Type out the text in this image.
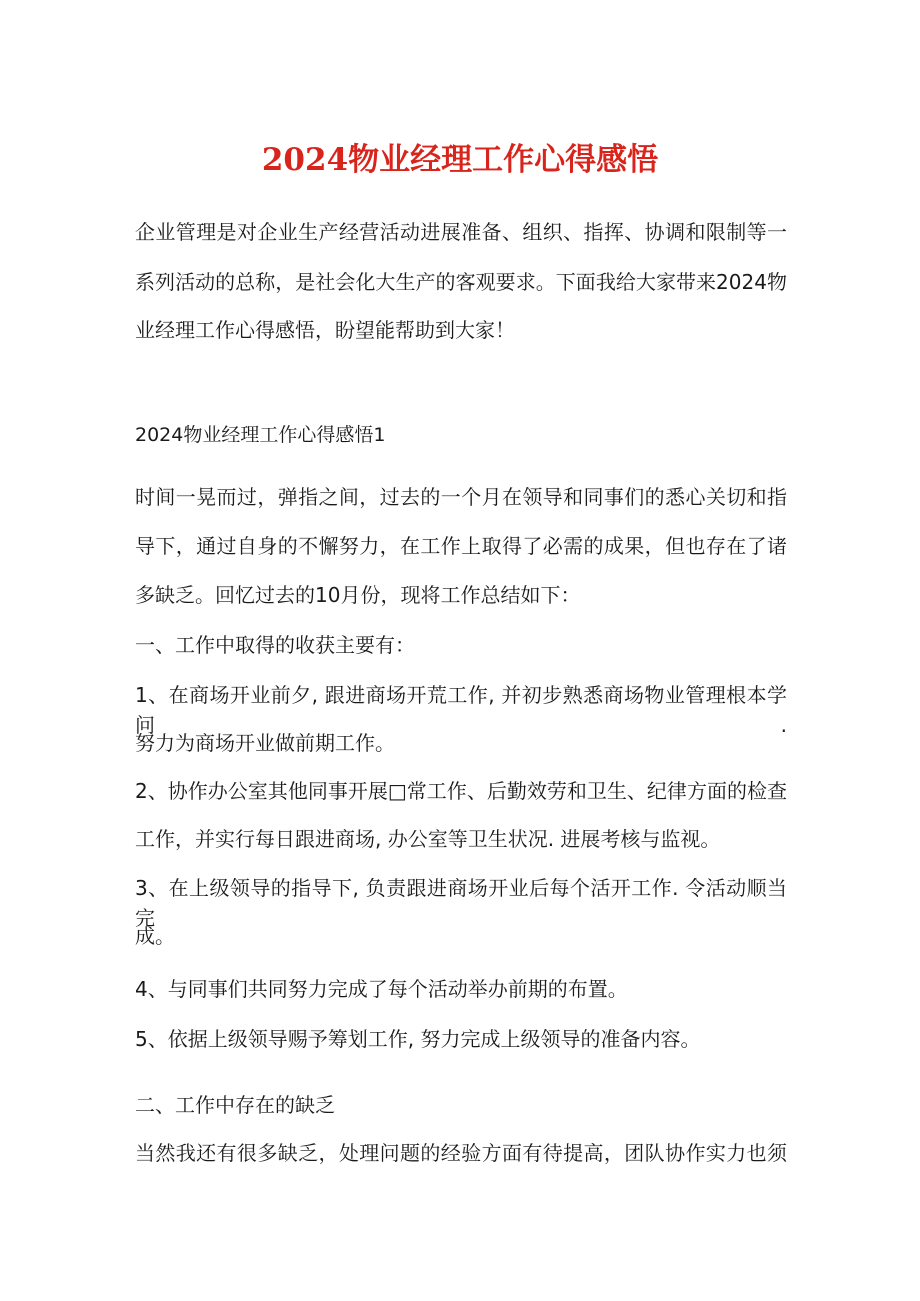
2024物业经理工作心得感悟
企业管理是对企业生产经营活动进展准备、组织、指挥、协调和限制等一
系列活动的总称，是社会化大生产的客观要求。下面我给大家带来2024物
业经理工作心得感悟，盼望能帮助到大家！
2024物业经理工作心得感悟1
时间一晃而过，弹指之间，过去的一个月在领导和同事们的悉心关切和指
导下，通过自身的不懈努力，在工作上取得了必需的成果，但也存在了诸
多缺乏。回忆过去的10月份，现将工作总结如下：
一、工作中取得的收获主要有：
1、在商场开业前夕, 跟进商场开荒工作, 并初步熟悉商场物业管理根本学问.
努力为商场开业做前期工作。
2、协作办公室其他同事开展□常工作、后勤效劳和卫生、纪律方面的检查
工作，并实行每日跟进商场, 办公室等卫生状况. 进展考核与监视。
3、在上级领导的指导下, 负责跟进商场开业后每个活开工作. 令活动顺当完
成。
4、与同事们共同努力完成了每个活动举办前期的布置。
5、依据上级领导赐予筹划工作, 努力完成上级领导的准备内容。
二、工作中存在的缺乏
当然我还有很多缺乏，处理问题的经验方面有待提高，团队协作实力也须
